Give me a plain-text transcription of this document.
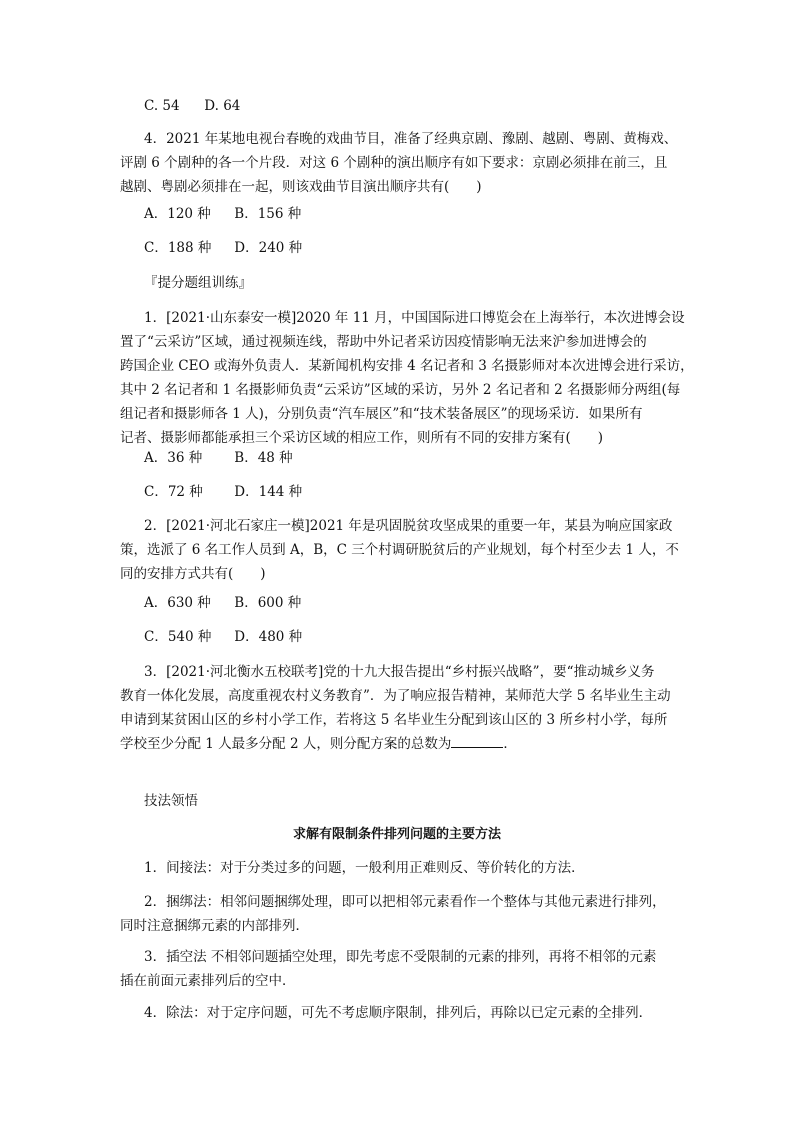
C. 54 D. 64
4．2021 年某地电视台春晚的戏曲节目，准备了经典京剧、豫剧、越剧、粤剧、黄梅戏、
评剧 6 个剧种的各一个片段．对这 6 个剧种的演出顺序有如下要求：京剧必须排在前三，且
越剧、粤剧必须排在一起，则该戏曲节目演出顺序共有(　　)
A．120 种 B．156 种
C．188 种 D．240 种
『提分题组训练』
1．[2021·山东泰安一模]2020 年 11 月，中国国际进口博览会在上海举行，本次进博会设
置了“云采访”区域，通过视频连线，帮助中外记者采访因疫情影响无法来沪参加进博会的
跨国企业 CEO 或海外负责人．某新闻机构安排 4 名记者和 3 名摄影师对本次进博会进行采访，
其中 2 名记者和 1 名摄影师负责“云采访”区域的采访，另外 2 名记者和 2 名摄影师分两组(每
组记者和摄影师各 1 人)，分别负责“汽车展区”和“技术装备展区”的现场采访．如果所有
记者、摄影师都能承担三个采访区域的相应工作，则所有不同的安排方案有(　　)
A．36 种 B．48 种
C．72 种 D．144 种
2．[2021·河北石家庄一模]2021 年是巩固脱贫攻坚成果的重要一年，某县为响应国家政
策，选派了 6 名工作人员到 A，B，C 三个村调研脱贫后的产业规划，每个村至少去 1 人，不
同的安排方式共有(　　)
A．630 种 B．600 种
C．540 种 D．480 种
3．[2021·河北衡水五校联考]党的十九大报告提出“乡村振兴战略”，要“推动城乡义务
教育一体化发展，高度重视农村义务教育”．为了响应报告精神，某师范大学 5 名毕业生主动
申请到某贫困山区的乡村小学工作，若将这 5 名毕业生分配到该山区的 3 所乡村小学，每所
学校至少分配 1 人最多分配 2 人，则分配方案的总数为	．
技法领悟
求解有限制条件排列问题的主要方法
1．间接法：对于分类过多的问题，一般利用正难则反、等价转化的方法．
2．捆绑法：相邻问题捆绑处理，即可以把相邻元素看作一个整体与其他元素进行排列，
同时注意捆绑元素的内部排列．
3．插空法 不相邻问题插空处理，即先考虑不受限制的元素的排列，再将不相邻的元素
插在前面元素排列后的空中．
4．除法：对于定序问题，可先不考虑顺序限制，排列后，再除以已定元素的全排列．
